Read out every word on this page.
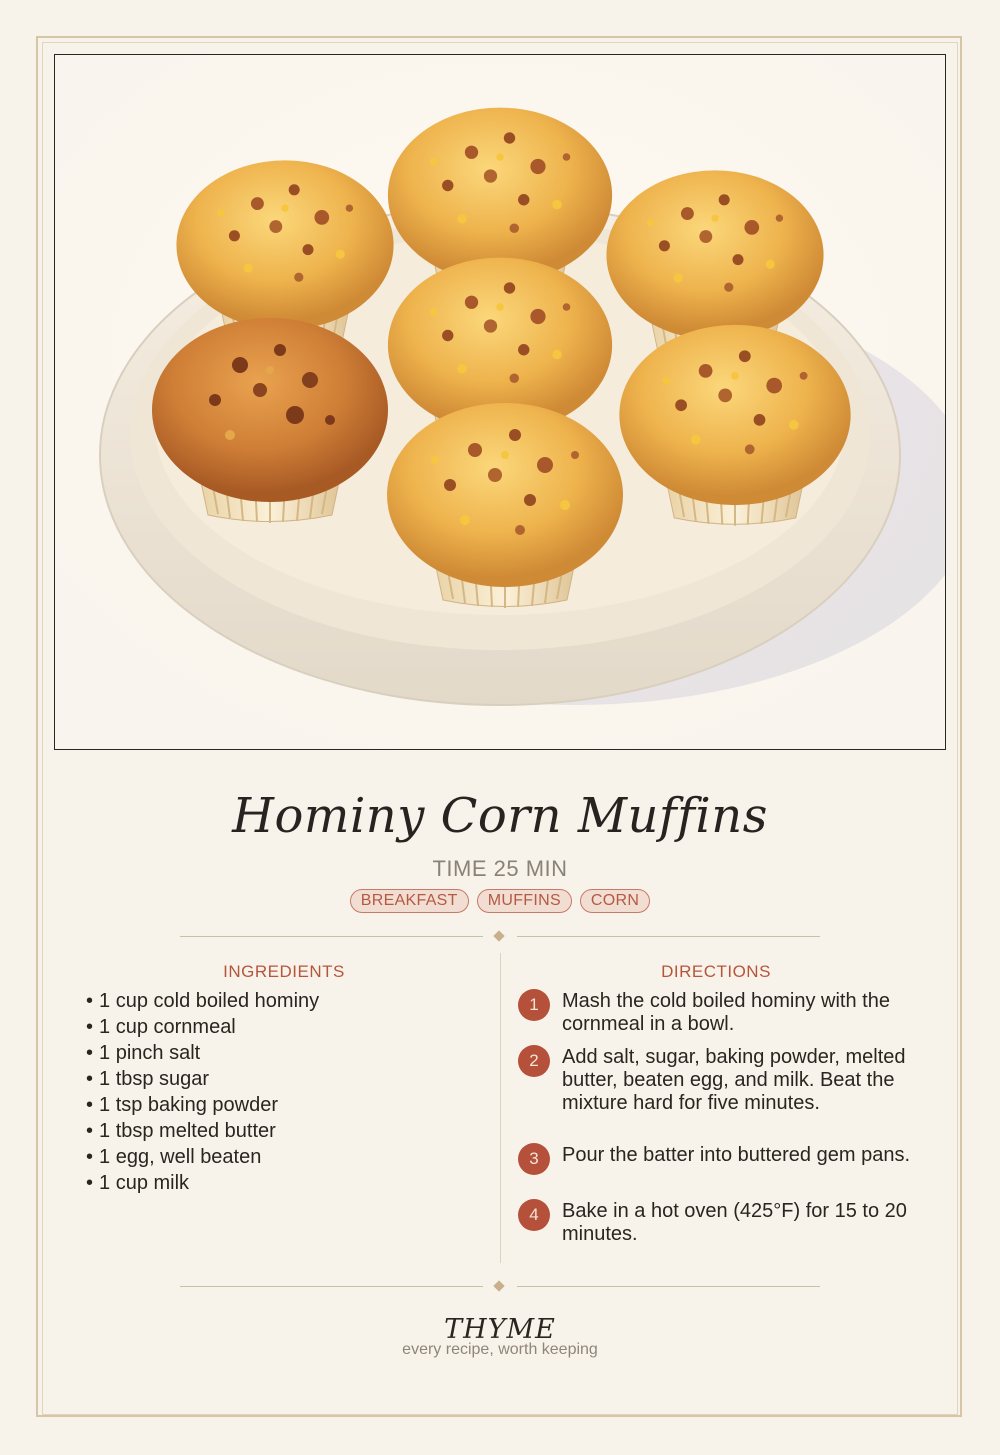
Hominy Corn Muffins
TIME 25 MIN
BREAKFAST	MUFFINS	CORN
INGREDIENTS	DIRECTIONS
• 1 cup cold boiled hominy
• 1 cup cornmeal
• 1 pinch salt
• 1 tbsp sugar
• 1 tsp baking powder
• 1 tbsp melted butter
• 1 egg, well beaten
• 1 cup milk
1	Mash the cold boiled hominy with the cornmeal in a bowl.
2	Add salt, sugar, baking powder, melted butter, beaten egg, and milk. Beat the mixture hard for five minutes.
3	Pour the batter into buttered gem pans.
4	Bake in a hot oven (425°F) for 15 to 20 minutes.
THYME
every recipe, worth keeping
